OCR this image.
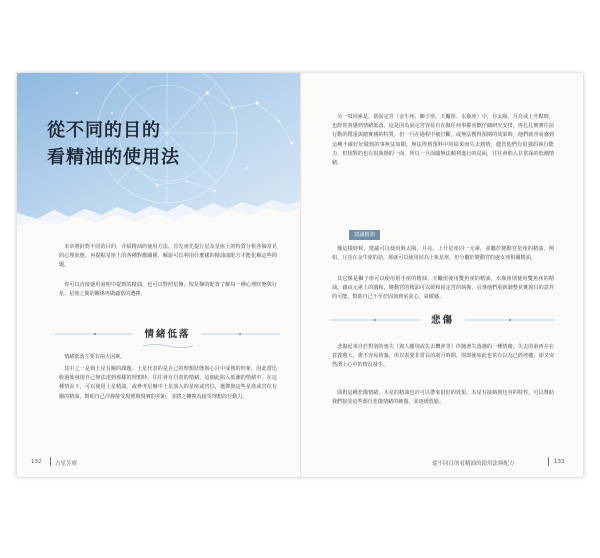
從不同的目的
看精油的使用法

本章將針對不同的目的，介紹精油的使用方法。首先會先提行星及星座上的特質分析各個常見的心理狀態，再提點星座上的各種對應關係，解說可以利用什麼樣的精油或配方才能化解這些問題。

你可以直接使用說明中提到的精油，也可以對照星盤，按星盤的配置了解每一種心理狀態與行星、星座之間的關係再做適當的選擇。

情緒低落

情緒低落主要有兩大因素。

其中之一是與土星有關的課題。土星代表的是自己的理想狀態與心目中成熟的形象，因此當比較過後發現自己無法達到那樣的理想時，往往會有自責的情緒，這個此陷入低潮的情緒中。在這種情況下，可以使用土星精油。或參考星盤中土星落入的星座或宮位，選擇與這些星座或宮位有關的精油，幫助自己冷靜接受現實與現實的差距，並將之轉換為接受理想的行動力。

132 占星芳療

另一項因素是，當固定宮（金牛座、獅子座、天蠍座、水瓶座）中，有太陽、月亮或上升點時，也經常會感到情緒低落，這是因為固定宮容易有在做任何事都喜歡仔細研究安排，再扎扎實實往前行動的穩重與踏實感的特質，但一旦在過程中被打斷，或無法獲得預期的效果時，他們就容易感到這種不確好好做到的事無法如願，無法得到預料中的結果而失去熱情，儘管他們有很強的執行能力，但相對的也有很執拗的一面，所以一旦面臨無法順利進行的局面，往往會陷入非常深的低潮情緒。

建議精油

像這樣時候，建議可以使用與太陽、月亮、上升星座同一元素，並屬於變動宮星座的精油。例如，月亮在金牛座的話，那就可以使用同為土象星座，但分屬於變動宮的處女座相關精油。

其它像是獅子座可以使用射手座的精油，天蠍座使用雙魚座的精油，水瓶座則使用雙魚座的精油。藉由元素上的調和，變動宮的精油可以緩和固定宮的執拗，引導他們重新調整並實現目的意外的可能，幫助自己不至於固執到底灰心、氣餒感。

悲傷

悲傷起來自於對別的喪失（與人離別或失去機會等）伴隨著失落感的一種情緒。失去的東西存在意義愈大，愈不容易捨棄，所以需要非常長的歲月時間，則即使如此也常有以為已經痊癒，卻又突然湧上心中的情況發生。

面對這種悲傷情緒，木星的精油也許可以帶來很好的效果。木星有接納與包容的特性，可以幫助我們接受這些源自悲傷情緒的硬傷，並逐緩放鬆。

從不同目的看精油的使用法與配方	133
